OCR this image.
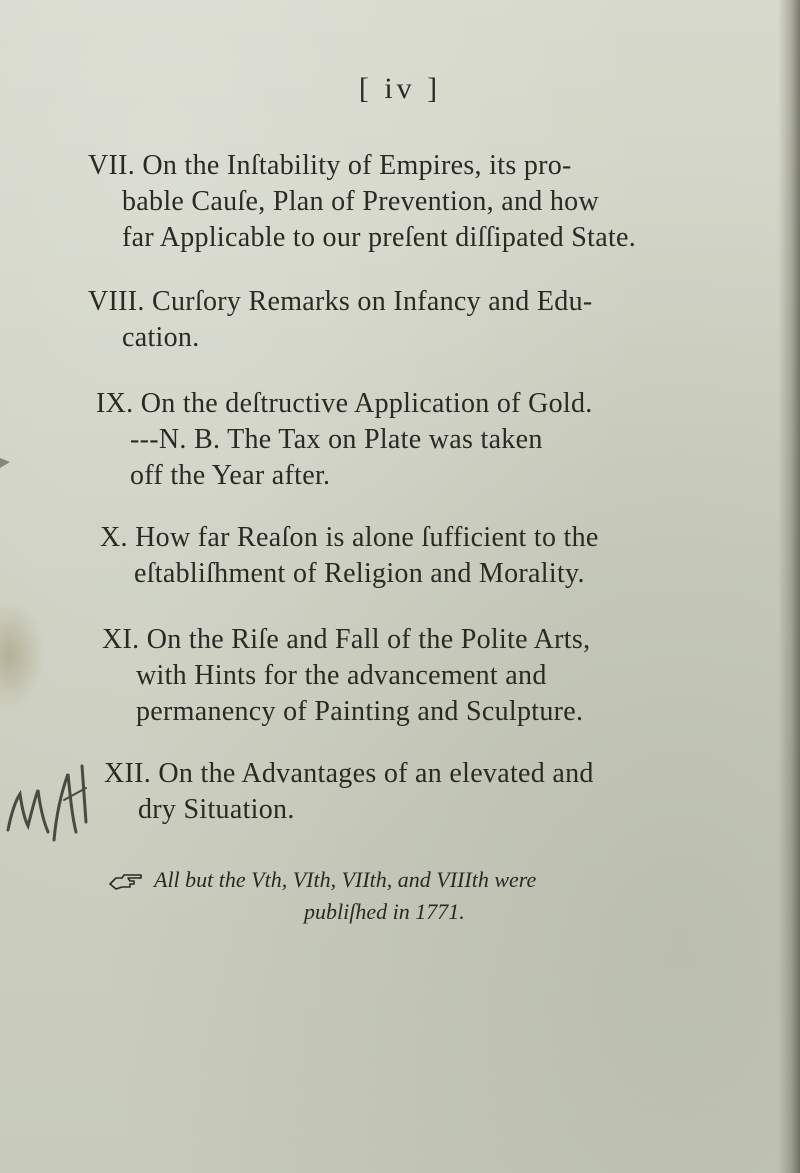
[ iv ]
VII. On the Inſtability of Empires, its pro-
bable Cauſe, Plan of Prevention, and how
far Applicable to our preſent diſſipated State.
VIII. Curſory Remarks on Infancy and Edu-
cation.
IX. On the deſtructive Application of Gold.
---N. B. The Tax on Plate was taken
off the Year after.
X. How far Reaſon is alone ſufficient to the
eſtabliſhment of Religion and Morality.
XI. On the Riſe and Fall of the Polite Arts,
with Hints for the advancement and
permanency of Painting and Sculpture.
XII. On the Advantages of an elevated and
dry Situation.
All but the Vth, VIth, VIIth, and VIIIth were
publiſhed in 1771.
